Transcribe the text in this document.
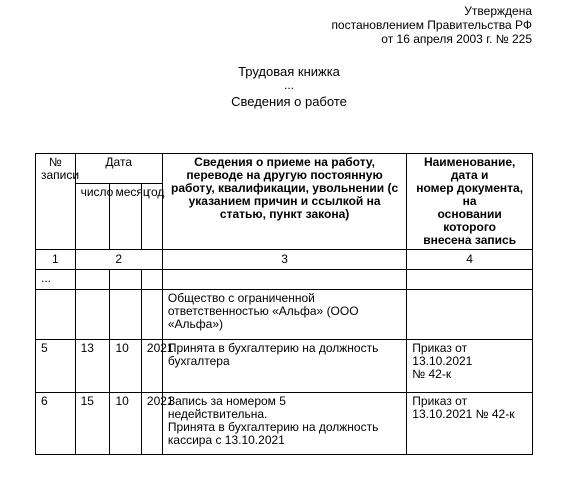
Утверждена
постановлением Правительства РФ
от 16 апреля 2003 г. № 225
Трудовая книжка
...
Сведения о работе
№
записи	Дата			Сведения о приеме на работу, переводе на другую постоянную работу, квалификации, увольнении (с указанием причин и ссылкой на статью, пункт закона)	Наименование, дата и
номер документа, на
основании которого
внесена запись
	число	месяц	год		
1	2			3	4
...					
				Общество с ограниченной ответственностью «Альфа» (ООО «Альфа»)	
5	13	10	2021	Принята в бухгалтерию на должность бухгалтера	Приказ от
13.10.2021
№ 42-к
6	15	10	2021	Запись за номером 5
недействительна.
Принята в бухгалтерию на должность кассира с 13.10.2021	Приказ от
13.10.2021 № 42-к
